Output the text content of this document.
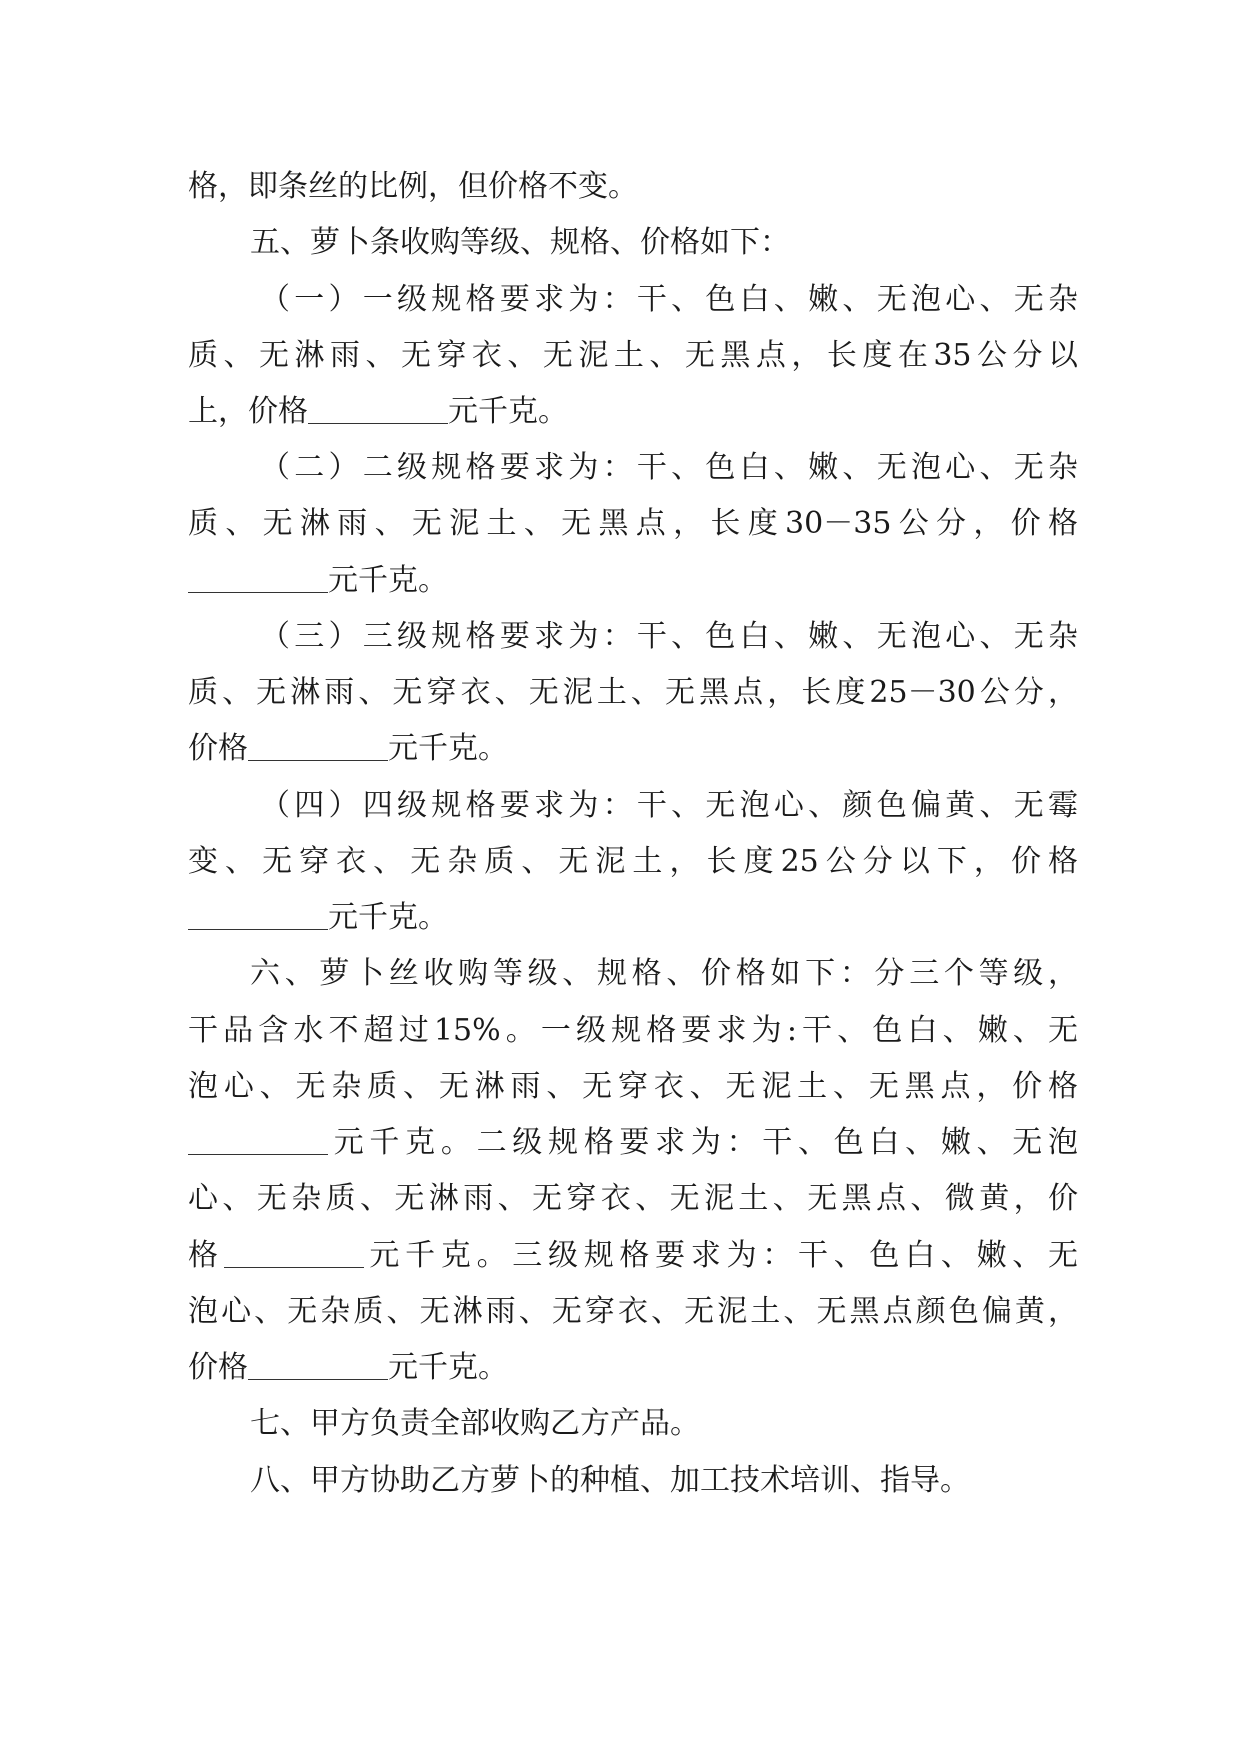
格，即条丝的比例，但价格不变。
五、萝卜条收购等级、规格、价格如下：
（一）一级规格要求为：干、色白、嫩、无泡心、无杂
质、无淋雨、无穿衣、无泥土、无黑点，长度在35公分以
上，价格	元千克。
（二）二级规格要求为：干、色白、嫩、无泡心、无杂
质、无淋雨、无泥土、无黑点，长度30－35公分，价格
元千克。
（三）三级规格要求为：干、色白、嫩、无泡心、无杂
质、无淋雨、无穿衣、无泥土、无黑点，长度25－30公分，
价格	元千克。
（四）四级规格要求为：干、无泡心、颜色偏黄、无霉
变、无穿衣、无杂质、无泥土，长度25公分以下，价格
元千克。
六、萝卜丝收购等级、规格、价格如下：分三个等级，
干品含水不超过15%。一级规格要求为:干、色白、嫩、无
泡心、无杂质、无淋雨、无穿衣、无泥土、无黑点，价格
元千克。二级规格要求为：干、色白、嫩、无泡
心、无杂质、无淋雨、无穿衣、无泥土、无黑点、微黄，价
格	元千克。三级规格要求为：干、色白、嫩、无
泡心、无杂质、无淋雨、无穿衣、无泥土、无黑点颜色偏黄，
价格	元千克。
七、甲方负责全部收购乙方产品。
八、甲方协助乙方萝卜的种植、加工技术培训、指导。
